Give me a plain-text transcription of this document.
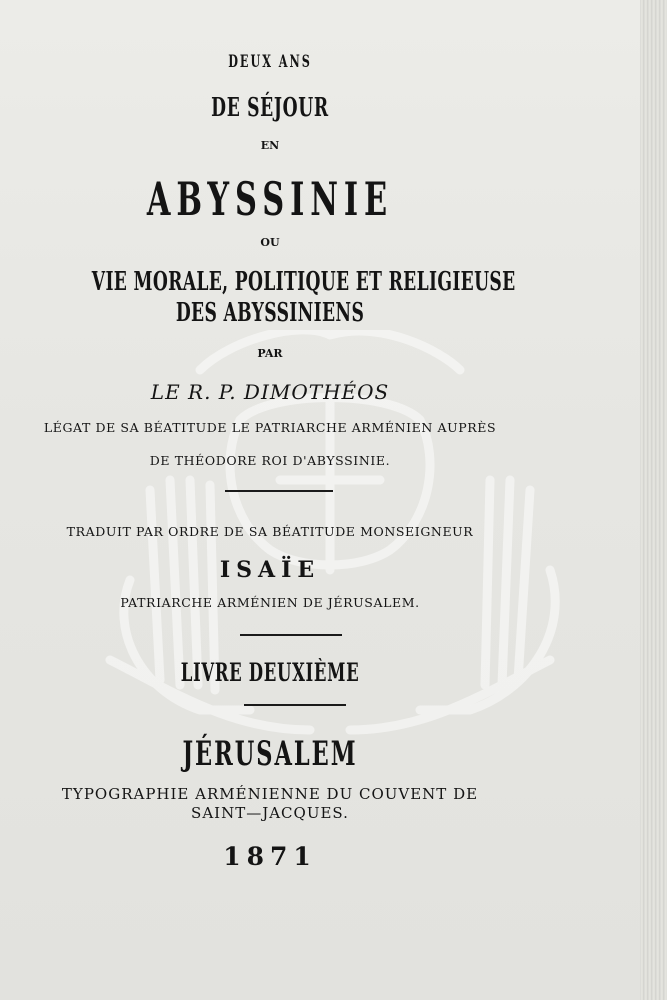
DEUX ANS
DE SÉJOUR
EN
ABYSSINIE
OU
VIE MORALE, POLITIQUE ET RELIGIEUSE
DES ABYSSINIENS
PAR
LE R. P. DIMOTHÉOS
LÉGAT DE SA BÉATITUDE LE PATRIARCHE ARMÉNIEN AUPRÈS
DE THÉODORE ROI D'ABYSSINIE.
TRADUIT PAR ORDRE DE SA BÉATITUDE MONSEIGNEUR
ISAÏE
PATRIARCHE ARMÉNIEN DE JÉRUSALEM.
LIVRE DEUXIÈME
JÉRUSALEM
TYPOGRAPHIE ARMÉNIENNE DU COUVENT DE
SAINT—JACQUES.
1871
